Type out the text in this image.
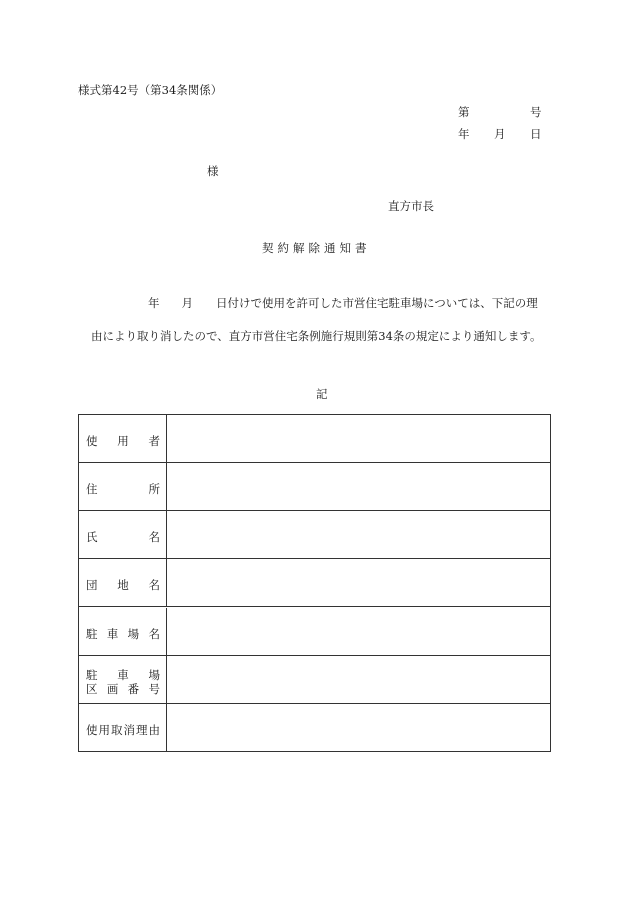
様式第42号（第34条関係）
第	号
年 月 日
様
直方市長
契約解除通知書
年 月 日付けで使用を許可した市営住宅駐車場については、下記の理
由により取り消したので、直方市営住宅条例施行規則第34条の規定により通知します。
記
使 用 者
住	所
氏	名
団 地 名
駐 車 場 名
駐 車 場
区 画 番 号
使 用 取 消 理 由
